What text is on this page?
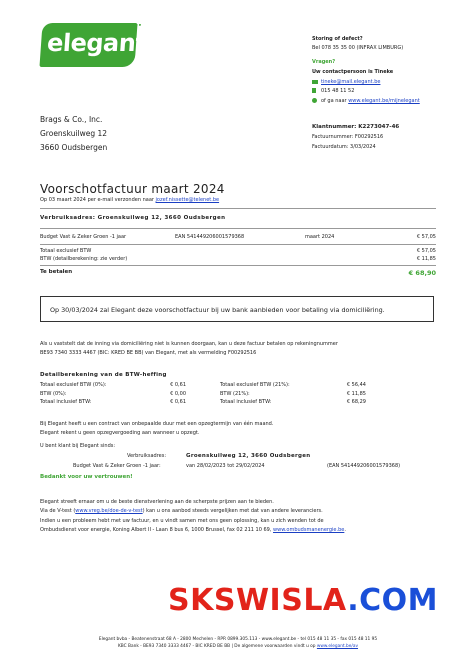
elegant
···
Storing of defect?
Bel 078 35 35 00 (INFRAX LIMBURG)
Vragen?
Uw contactpersoon is Tineke
tineke@mail.elegant.be
015 48 11 52
of ga naar www.elegant.be/mijnelegant
Brags & Co., Inc.
Groenskuilweg 12
3660 Oudsbergen
Klantnummer: K2273047-46
Factuurnummer: F00292516
Factuurdatum: 3/03/2024
Voorschotfactuur maart 2024
Op 03 maart 2024 per e-mail verzonden naar jozef.nissette@telenet.be
Verbruiksadres: Groenskuilweg 12, 3660 Oudsbergen
Budget Vast & Zeker Groen -1 jaar	EAN 541449206001579368	maart 2024	€ 57,05
Totaal exclusief BTW	€ 57,05
BTW (detailberekening: zie verder)	€ 11,85
Te betalen	€ 68,90
Op 30/03/2024 zal Elegant deze voorschotfactuur bij uw bank aanbieden voor betaling via domiciliëring.
Als u vaststelt dat de inning via domiciliëring niet is kunnen doorgaan, kan u deze factuur betalen op rekeningnummer
BE93 7340 3333 4467 (BIC: KRED BE BB) van Elegant, met als vermelding F00292516
Detailberekening van de BTW-heffing
Totaal exclusief BTW (0%):	€ 0,61
BTW (0%):	€ 0,00
Totaal inclusief BTW:	€ 0,61
Totaal exclusief BTW (21%):	€ 56,44
BTW (21%):	€ 11,85
Totaal inclusief BTW:	€ 68,29
Bij Elegant heeft u een contract van onbepaalde duur met een opzegtermijn van één maand.
Elegant rekent u geen opzegvergoeding aan wanneer u opzegt.
U bent klant bij Elegant sinds:
Verbruiksadres:	Groenskuilweg 12, 3660 Oudsbergen
Budget Vast & Zeker Groen -1 jaar:	van 28/02/2023 tot 29/02/2024	(EAN 541449206001579368)
Bedankt voor uw vertrouwen!
Elegant streeft ernaar om u de beste dienstverlening aan de scherpste prijzen aan te bieden.
Via de V-test (www.vreg.be/doe-de-v-test) kan u ons aanbod steeds vergelijken met dat van andere leveranciers.
Indien u een probleem hebt met uw factuur, en u vindt samen met ons geen oplossing, kan u zich wenden tot de
Ombudsdienst voor energie, Koning Albert II - Laan 8 bus 6, 1000 Brussel, fax 02 211 10 69, www.ombudsmanenergie.be.
SKSWISLA.COM
Elegant bvba - Beatenenstraat 68 A - 2800 Mechelen - RPR 0899.305.113 - www.elegant.be - tel 015 48 11 35 - fax 015 48 11 95
KBC Bank - BE93 7340 3333 4467 - BIC KRED BE BB | De algemene voorwaarden vindt u op www.elegant.be/av
